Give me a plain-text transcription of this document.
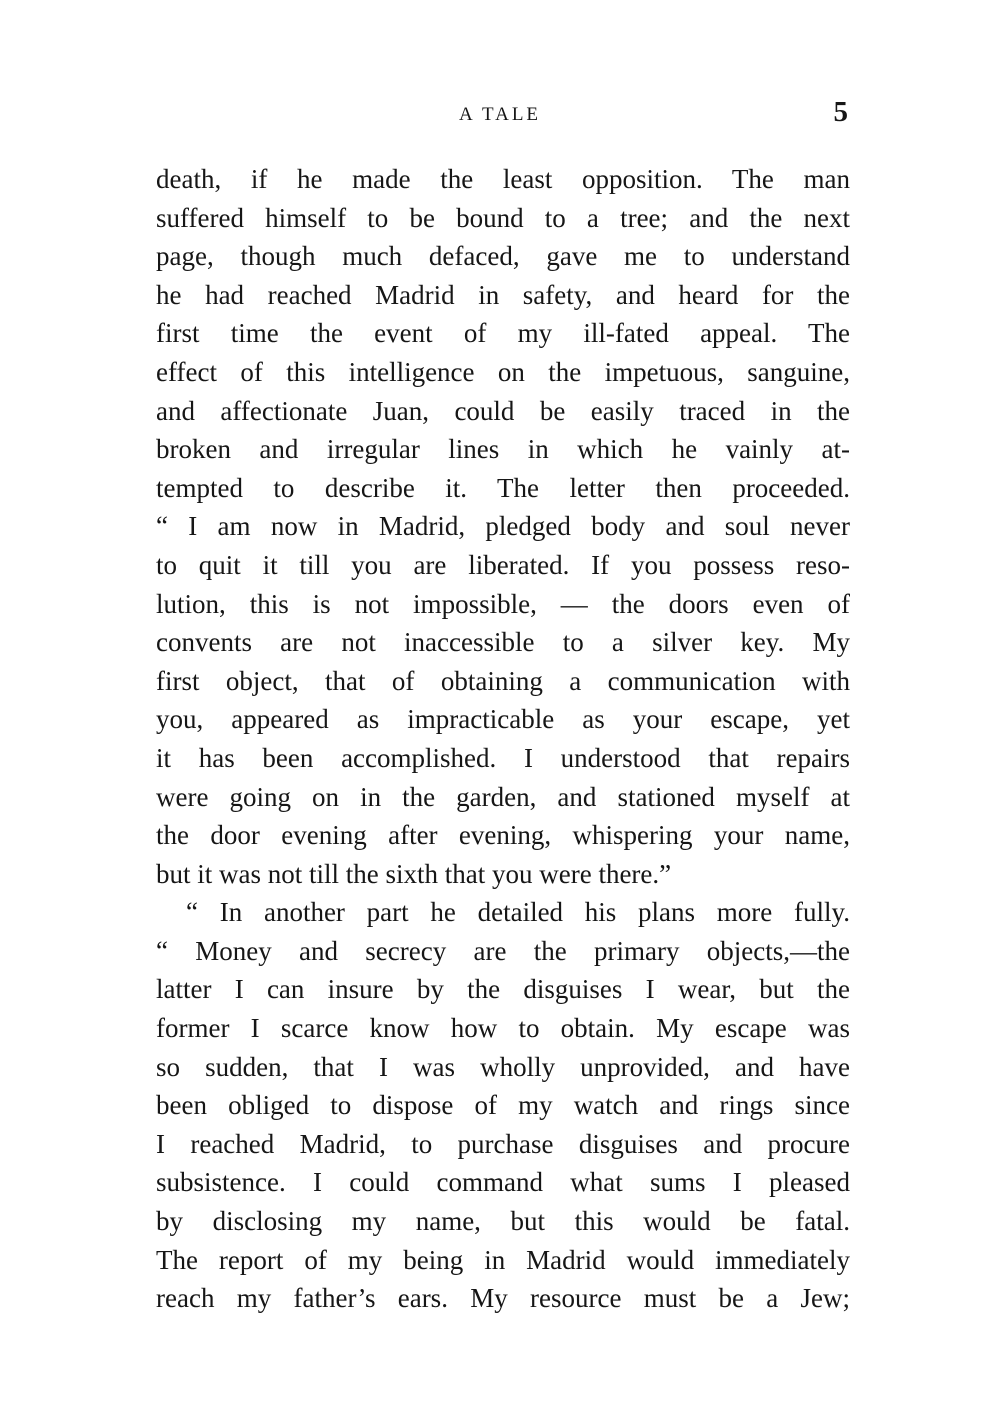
A TALE	5
death, if he made the least opposition. The man
suffered himself to be bound to a tree; and the next
page, though much defaced, gave me to understand
he had reached Madrid in safety, and heard for the
first time the event of my ill-fated appeal. The
effect of this intelligence on the impetuous, sanguine,
and affectionate Juan, could be easily traced in the
broken and irregular lines in which he vainly at-
tempted to describe it. The letter then proceeded.
“ I am now in Madrid, pledged body and soul never
to quit it till you are liberated. If you possess reso-
lution, this is not impossible, — the doors even of
convents are not inaccessible to a silver key. My
first object, that of obtaining a communication with
you, appeared as impracticable as your escape, yet
it has been accomplished. I understood that repairs
were going on in the garden, and stationed myself at
the door evening after evening, whispering your name,
but it was not till the sixth that you were there.”
“ In another part he detailed his plans more fully.
“ Money and secrecy are the primary objects,—the
latter I can insure by the disguises I wear, but the
former I scarce know how to obtain. My escape was
so sudden, that I was wholly unprovided, and have
been obliged to dispose of my watch and rings since
I reached Madrid, to purchase disguises and procure
subsistence. I could command what sums I pleased
by disclosing my name, but this would be fatal.
The report of my being in Madrid would immediately
reach my father’s ears. My resource must be a Jew;
